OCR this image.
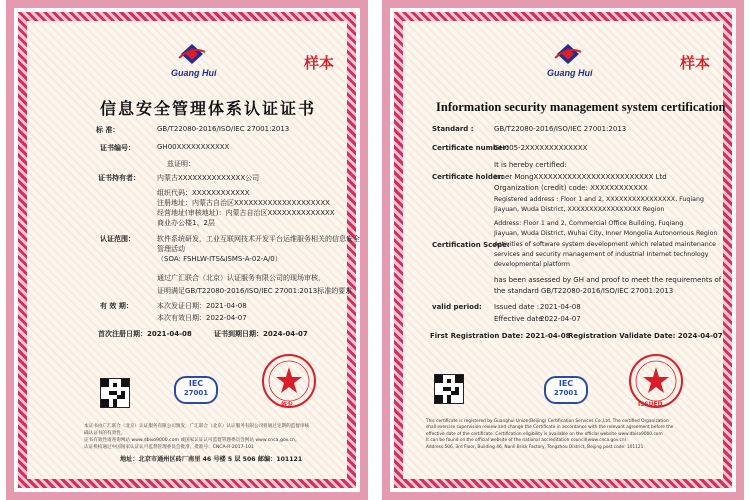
Guang Hui
样本
信息安全管理体系认证证书
标 准：	GB/T22080-2016/ISO/IEC 27001:2013
证书编号：	GH00XXXXXXXXXXX
兹证明：
证书持有者： 内蒙古XXXXXXXXXXXXXX公司
组织代码：XXXXXXXXXXXX
注册地址：内蒙古自治区XXXXXXXXXXXXXXXXXXXX
经营地址(审核地址)：内蒙古自治区XXXXXXXXXXXXXX
商业办公楼1、2层
认证范围：	软件系统研发，工业互联网技术开发平台运维服务相关的信息安全
管理活动
（SOA: FSHLW-ITS&ISMS-A-02-A/0）
通过广汇联合（北京）认证服务有限公司的现场审核，
证明满足GB/T22080-2016/ISO/IEC 27001:2013标准的要求
有 效 期：	本次发证日期：2021-04-08
本次有效日期：2022-04-07
首次注册日期：2021-04-08	证书到期日期：2024-04-07
IEC
27001
签发
本证书由广汇联合（北京）认证服务有限公司颁发，广汇联合（北京）认证服务有限公司将通过定期的监督审核确认证书的有效性。
证书有效性请查询网站 www.dbiso9000.com 或国家认证认可监督管理委员会网站 www.cnca.gov.cn。
认证机构通过中国国家认证认可监督管理委员会批准，批准号：CNCA-R-2017-101
地址：北京市通州区砖厂南里 46 号楼 5 层 506 邮编：101121
Guang Hui
样本
Information security management system certification
Standard :	GB/T22080-2016/ISO/IEC 27001:2013
Certificate number:
GH005-2XXXXXXXXXXXXX
It is hereby certified:
Certificate holder:
Inner MongXXXXXXXXXXXXXXXXXXXXXXXXX Ltd
Organization (credit) code: XXXXXXXXXXXX
Registered address : Floor 1 and 2, XXXXXXXXXXXXXXXX, Fuqiang
Jiayuan, Wuda District, XXXXXXXXXXXXXXXXX Region
Address: Floor 1 and 2, Commercial Office Building, Fuqiang
Jiayuan, Wuda District, Wuhai City, Inner Mongolia Autonomous Region
Certification Scope:
Activities of software system development which related maintenance
services and security management of industrial Internet technology
developmental platform
has been assessed by GH and proof to meet the requirements of
the standard GB/T22080-2016/ISO/IEC 27001:2013
valid period: Issued date : 2021-04-08
Effective date :
2022-04-07
First Registration Date: 2021-04-08
Registration Validate Date: 2024-04-07
IEC
27001
ISSUED
This certificate is registered by Guanghui Union(Beijing) Certification Services Co.,Ltd. The certified Organization
shall exercise supervision review and change the Certificate in accordance with the relevant agreement before the
effective date of the certificate. Certification eligibility is available on the official website www.dbiso9000.com
It can be found on the official website of the national accreditation council(www.cnca.gov.cn).
Address:506, 3rd Floor, Building 46, Nanli Brick Factory, Tongzhou District, Beijing post code: 101121
